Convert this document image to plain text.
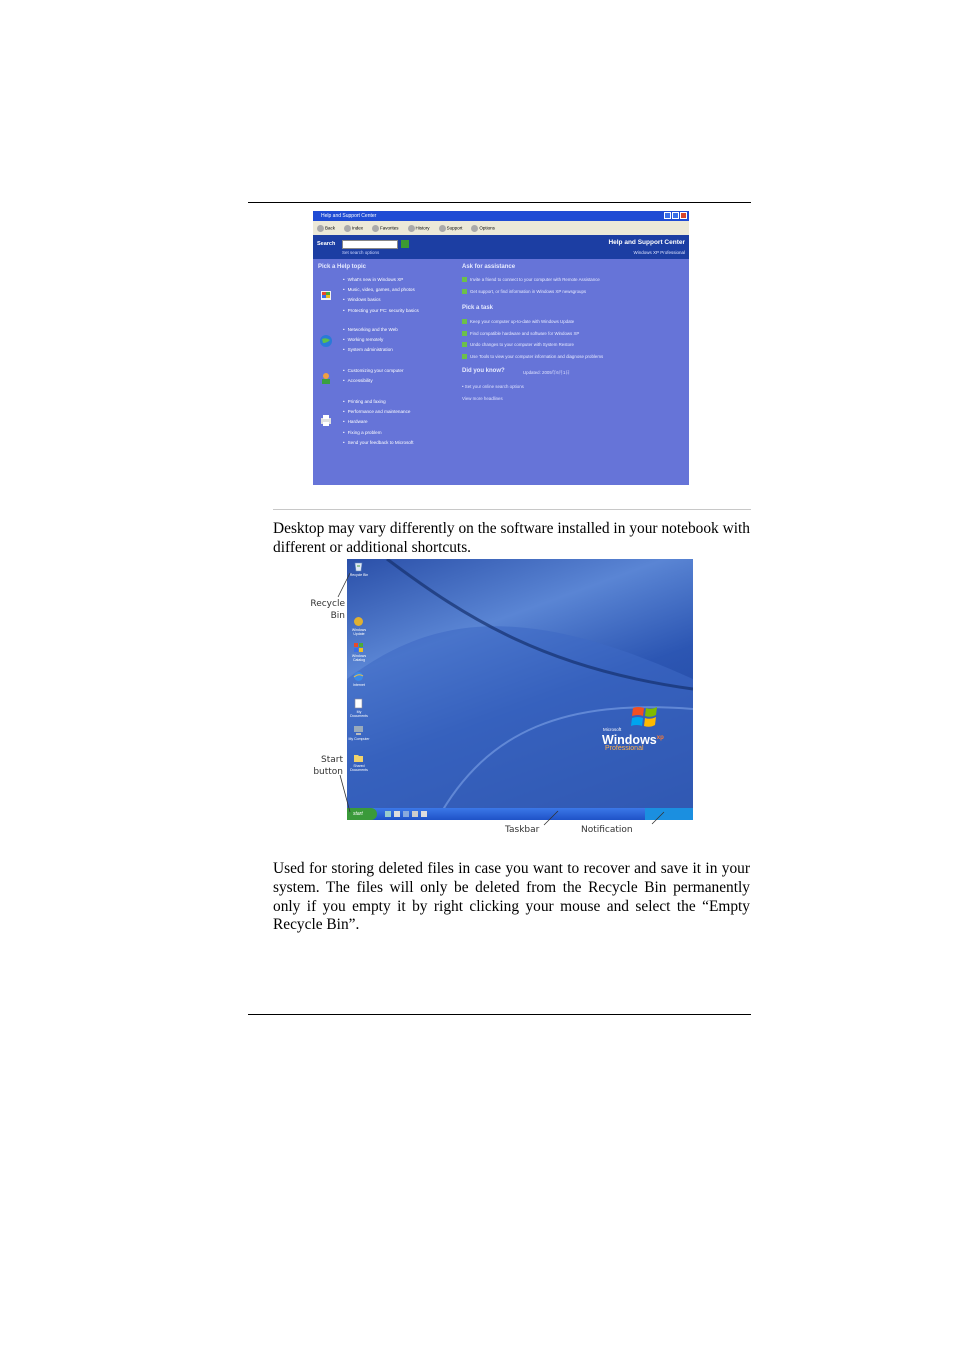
Help and Support Center
Back	Index	Favorites	History	Support	Options
Search
Set search options
Help and Support Center
Windows XP Professional
Pick a Help topic
• What's new in Windows XP
• Music, video, games, and photos
• Windows basics
• Protecting your PC: security basics
• Networking and the Web
• Working remotely
• System administration
• Customizing your computer
• Accessibility
• Printing and faxing
• Performance and maintenance
• Hardware
• Fixing a problem
• Send your feedback to Microsoft
Ask for assistance
Invite a friend to connect to your computer with Remote Assistance
Get support, or find information in Windows XP newsgroups
Pick a task
Keep your computer up-to-date with Windows Update
Find compatible hardware and software for Windows XP
Undo changes to your computer with System Restore
Use Tools to view your computer information and diagnose problems
Did you know?	Updated: 2005年6月1日
• Set your online search options
View more headlines

Desktop may vary differently on the software installed in your notebook with different or additional shortcuts.

Recycle Bin
Windows Update
Windows Catalog
Internet
My Documents
My Computer
Shared Documents
Microsoft
Windows$^{xp}$
Professional
start
Recycle
Bin
Start
button
Taskbar	Notification

Used for storing deleted files in case you want to recover and save it in your system. The files will only be deleted from the Recycle Bin permanently only if you empty it by right clicking your mouse and select the “Empty Recycle Bin”.
